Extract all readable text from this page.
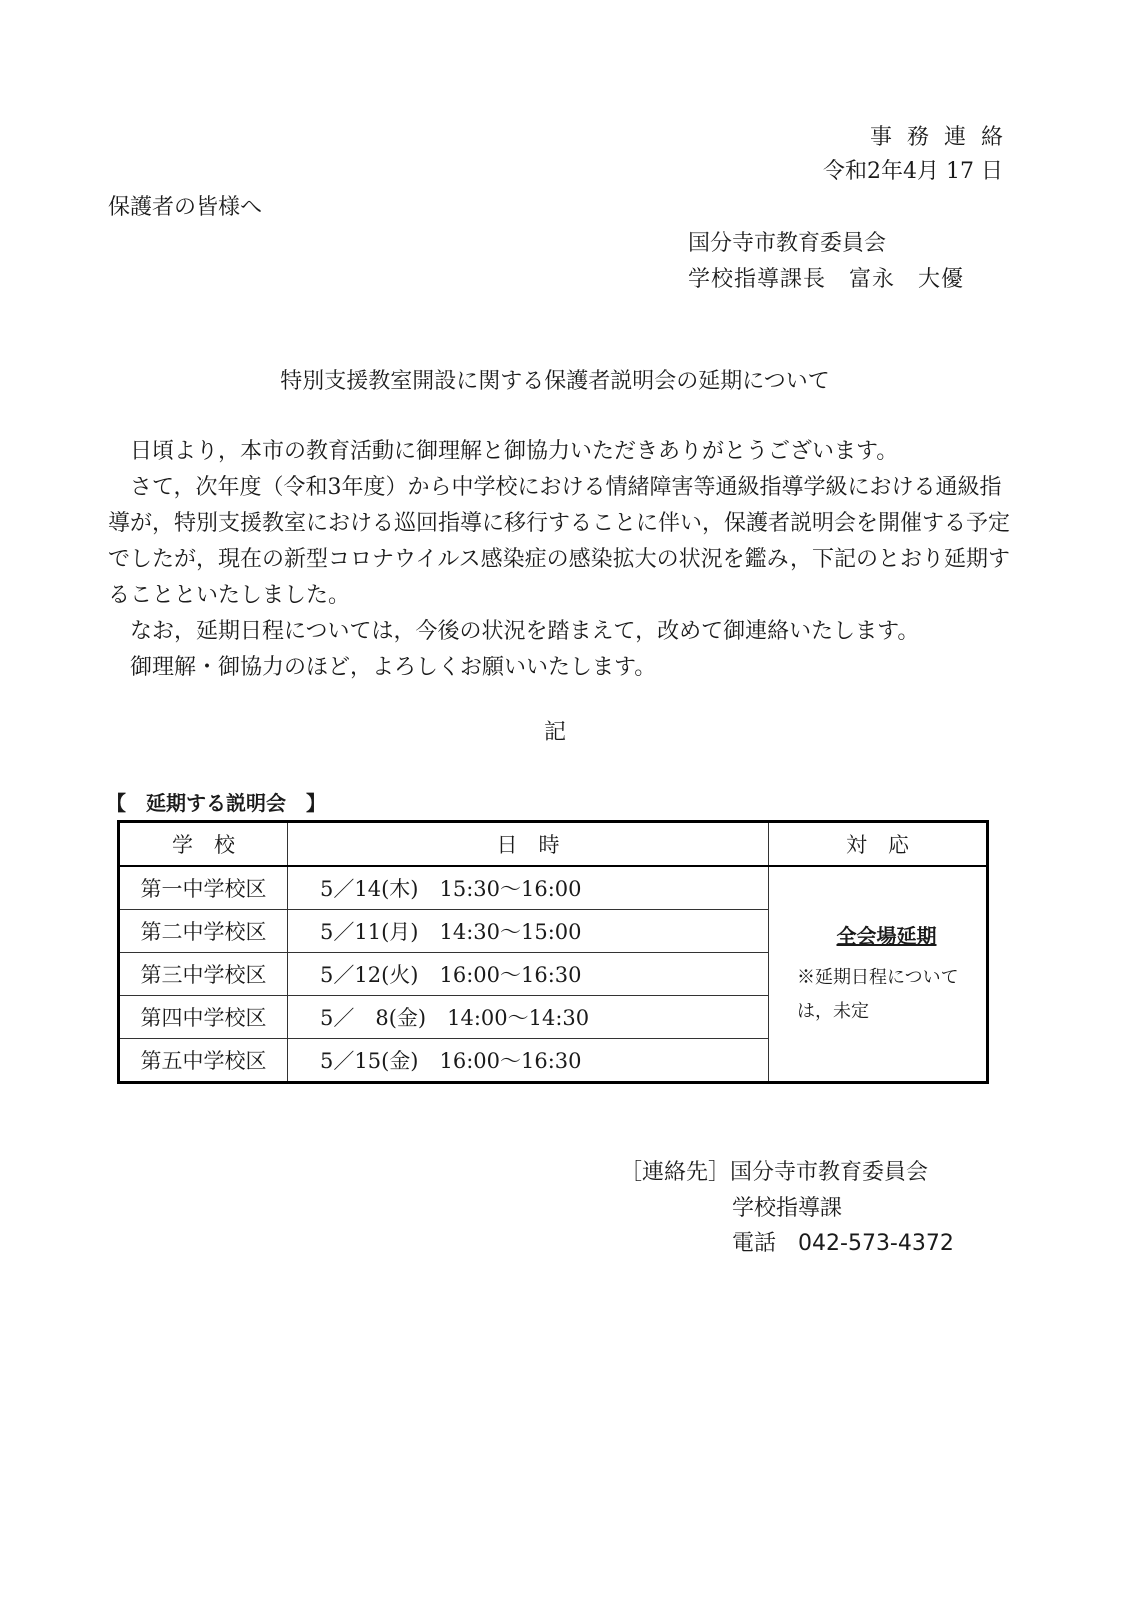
事務連絡
令和2年4月 17 日
保護者の皆様へ
国分寺市教育委員会
学校指導課長　富永　大優
特別支援教室開設に関する保護者説明会の延期について

日頃より，本市の教育活動に御理解と御協力いただきありがとうございます。

さて，次年度（令和3年度）から中学校における情緒障害等通級指導学級における通級指導が，特別支援教室における巡回指導に移行することに伴い，保護者説明会を開催する予定でしたが，現在の新型コロナウイルス感染症の感染拡大の状況を鑑み，下記のとおり延期することといたしました。

なお，延期日程については，今後の状況を踏まえて，改めて御連絡いたします。

御理解・御協力のほど，よろしくお願いいたします。

記
【　延期する説明会　】
学　校	日　時	対　応
第一中学校区	5／14(木)　15:30〜16:00	全会場延期
※延期日程については，未定

第二中学校区	5／11(月)　14:30〜15:00	
第三中学校区	5／12(火)　16:00〜16:30	
第四中学校区	5／　8(金)　14:00〜14:30	
第五中学校区	5／15(金)　16:00〜16:30	
［連絡先］国分寺市教育委員会
学校指導課
電話 042-573-4372
